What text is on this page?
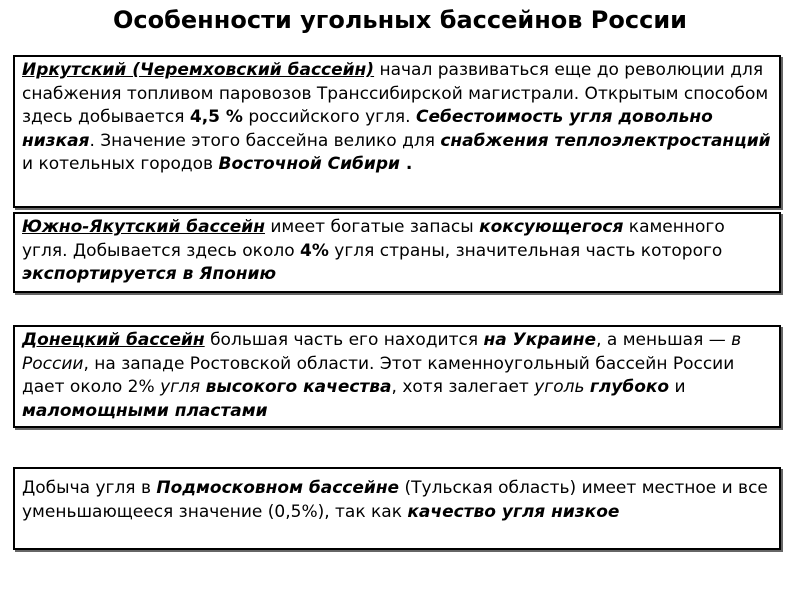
Особенности угольных бассейнов России
Иркутский (Черемховский бассейн) начал развиваться еще до революции для снабжения топливом паровозов Транссибирской магистрали. Открытым способом здесь добывается 4,5 % российского угля. Себестоимость угля довольно низкая. Значение этого бассейна велико для снабжения теплоэлектростанций и котельных городов Восточной Сибири .
Южно-Якутский бассейн имеет богатые запасы коксующегося каменного угля. Добывается здесь около 4% угля страны, значительная часть которого экспортируется в Японию
Донецкий бассейн большая часть его находится на Украине, а меньшая — в России, на западе Ростовской области. Этот каменноугольный бассейн России дает около 2% угля высокого качества, хотя залегает уголь глубоко и маломощными пластами
Добыча угля в Подмосковном бассейне (Тульская область) имеет местное и все уменьшающееся значение (0,5%), так как качество угля низкое
